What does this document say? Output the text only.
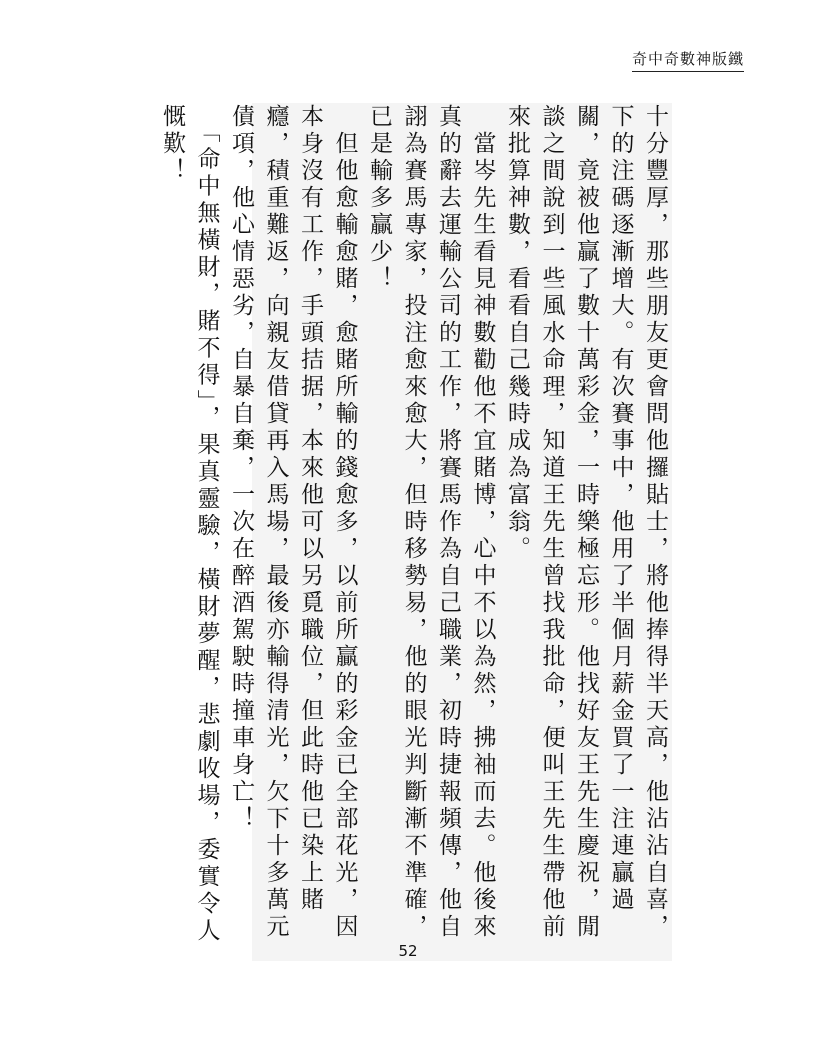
奇中奇數神版鐵

十分豐厚，那些朋友更會問他攞貼士，將他捧得半天高，他沾沾自喜，下的注碼逐漸增大。有次賽事中，他用了半個月薪金買了一注連贏過關，竟被他贏了數十萬彩金，一時樂極忘形。他找好友王先生慶祝，閒談之間說到一些風水命理，知道王先生曾找我批命，便叫王先生帶他前來批算神數，看看自己幾時成為富翁。

　當岑先生看見神數勸他不宜賭博，心中不以為然，拂袖而去。他後來真的辭去運輸公司的工作，將賽馬作為自己職業，初時捷報頻傳，他自詡為賽馬專家，投注愈來愈大，但時移勢易，他的眼光判斷漸不準確，已是輸多贏少！

　但他愈輸愈賭，愈賭所輸的錢愈多，以前所贏的彩金已全部花光，因本身沒有工作，手頭拮据，本來他可以另覓職位，但此時他已染上賭癮，積重難返，向親友借貸再入馬場，最後亦輸得清光，欠下十多萬元債項，他心情惡劣，自暴自棄，一次在醉酒駕駛時撞車身亡！

　「命中無橫財，賭不得」，果真靈驗，橫財夢醒，悲劇收場，委實令人慨歎！

52
